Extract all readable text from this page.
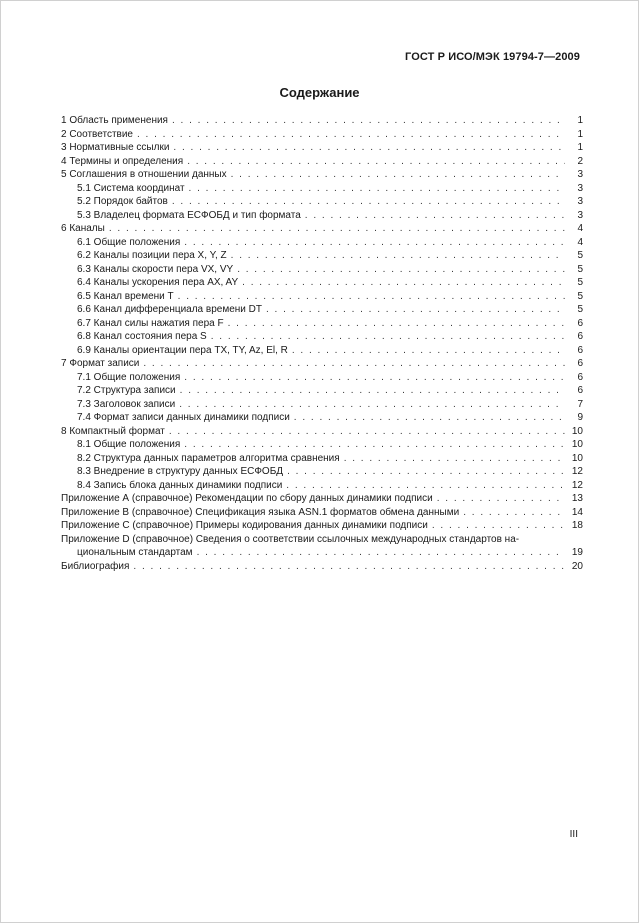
ГОСТ Р ИСО/МЭК 19794-7—2009
Содержание
1 Область применения . . .	1
2 Соответствие . . .	1
3 Нормативные ссылки . . .	1
4 Термины и определения . . .	2
5 Соглашения в отношении данных . . .	3
5.1 Система координат . . .	3
5.2 Порядок байтов . . .	3
5.3 Владелец формата ЕСФОБД и тип формата . . .	3
6 Каналы . . .	4
6.1 Общие положения . . .	4
6.2 Каналы позиции пера X, Y, Z . . .	5
6.3 Каналы скорости пера VX, VY . . .	5
6.4 Каналы ускорения пера AX, AY . . .	5
6.5 Канал времени T . . .	5
6.6 Канал дифференциала времени DT . . .	5
6.7 Канал силы нажатия пера F . . .	6
6.8 Канал состояния пера S . . .	6
6.9 Каналы ориентации пера TX, TY, Az, El, R . . .	6
7 Формат записи . . .	6
7.1 Общие положения . . .	6
7.2 Структура записи . . .	6
7.3 Заголовок записи . . .	7
7.4 Формат записи данных динамики подписи . . .	9
8 Компактный формат . . .	10
8.1 Общие положения . . .	10
8.2 Структура данных параметров алгоритма сравнения . . .	10
8.3 Внедрение в структуру данных ЕСФОБД . . .	12
8.4 Запись блока данных динамики подписи . . .	12
Приложение А (справочное) Рекомендации по сбору данных динамики подписи . . .	13
Приложение В (справочное) Спецификация языка ASN.1 форматов обмена данными . . .	14
Приложение С (справочное) Примеры кодирования данных динамики подписи . . .	18
Приложение D (справочное) Сведения о соответствии ссылочных международных стандартов на-
циональным стандартам . . .	19
Библиография . . .	20
III
